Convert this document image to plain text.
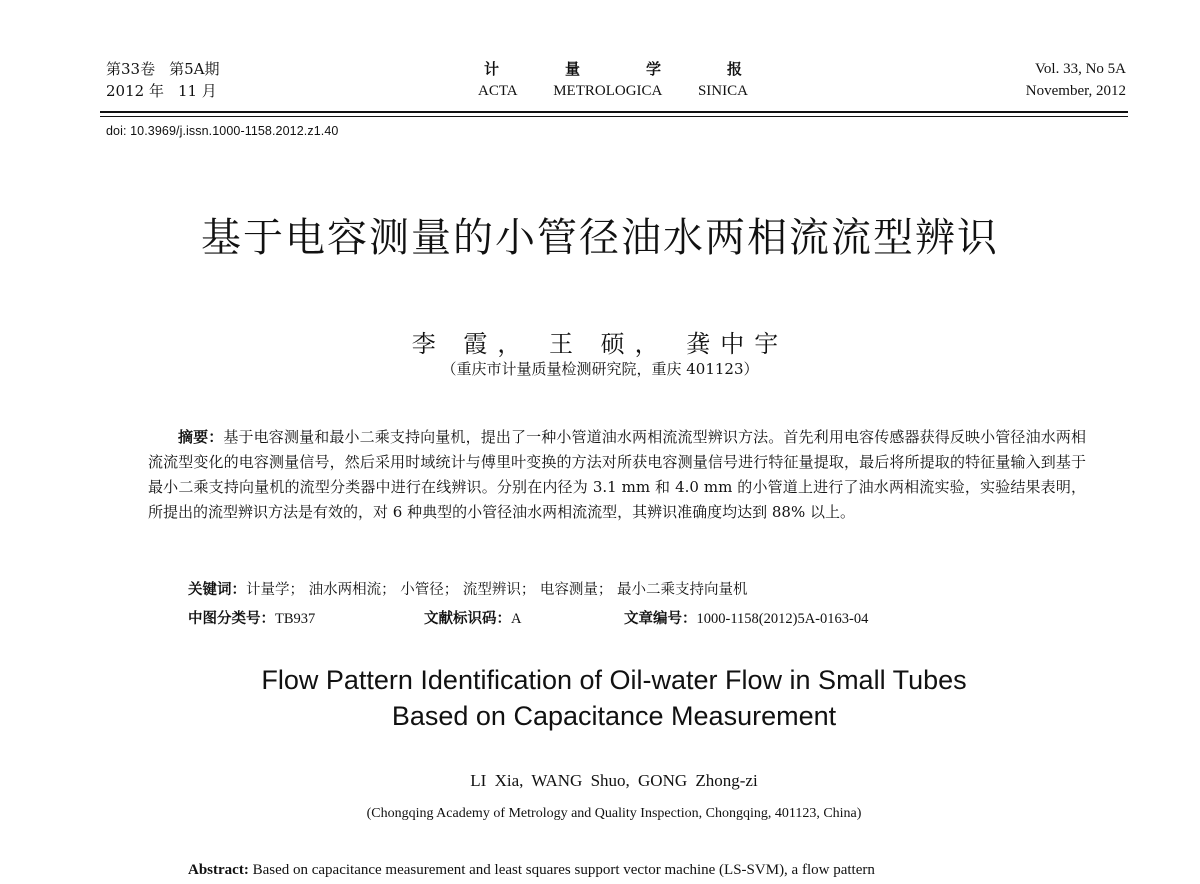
第33卷 第5A期
2012 年 11 月
计	量	学	报
ACTA METROLOGICA SINICA
Vol. 33, No 5A
November, 2012
doi: 10.3969/j.issn.1000-1158.2012.z1.40
基于电容测量的小管径油水两相流流型辨识
李 霞， 王 硕， 龚中宇
（重庆市计量质量检测研究院，重庆 401123）
摘要：基于电容测量和最小二乘支持向量机，提出了一种小管道油水两相流流型辨识方法。首先利用电容传感器获得反映小管径油水两相流流型变化的电容测量信号，然后采用时域统计与傅里叶变换的方法对所获电容测量信号进行特征量提取，最后将所提取的特征量输入到基于最小二乘支持向量机的流型分类器中进行在线辨识。分别在内径为 3.1 mm 和 4.0 mm 的小管道上进行了油水两相流实验，实验结果表明，所提出的流型辨识方法是有效的，对 6 种典型的小管径油水两相流流型，其辨识准确度均达到 88% 以上。
关键词：计量学； 油水两相流； 小管径； 流型辨识； 电容测量； 最小二乘支持向量机
中图分类号：TB937	文献标识码：A	文章编号：1000-1158(2012)5A-0163-04
Flow Pattern Identification of Oil-water Flow in Small Tubes
Based on Capacitance Measurement
LI Xia, WANG Shuo, GONG Zhong-zi
(Chongqing Academy of Metrology and Quality Inspection, Chongqing, 401123, China)
Abstract: Based on capacitance measurement and least squares support vector machine (LS-SVM), a flow pattern
